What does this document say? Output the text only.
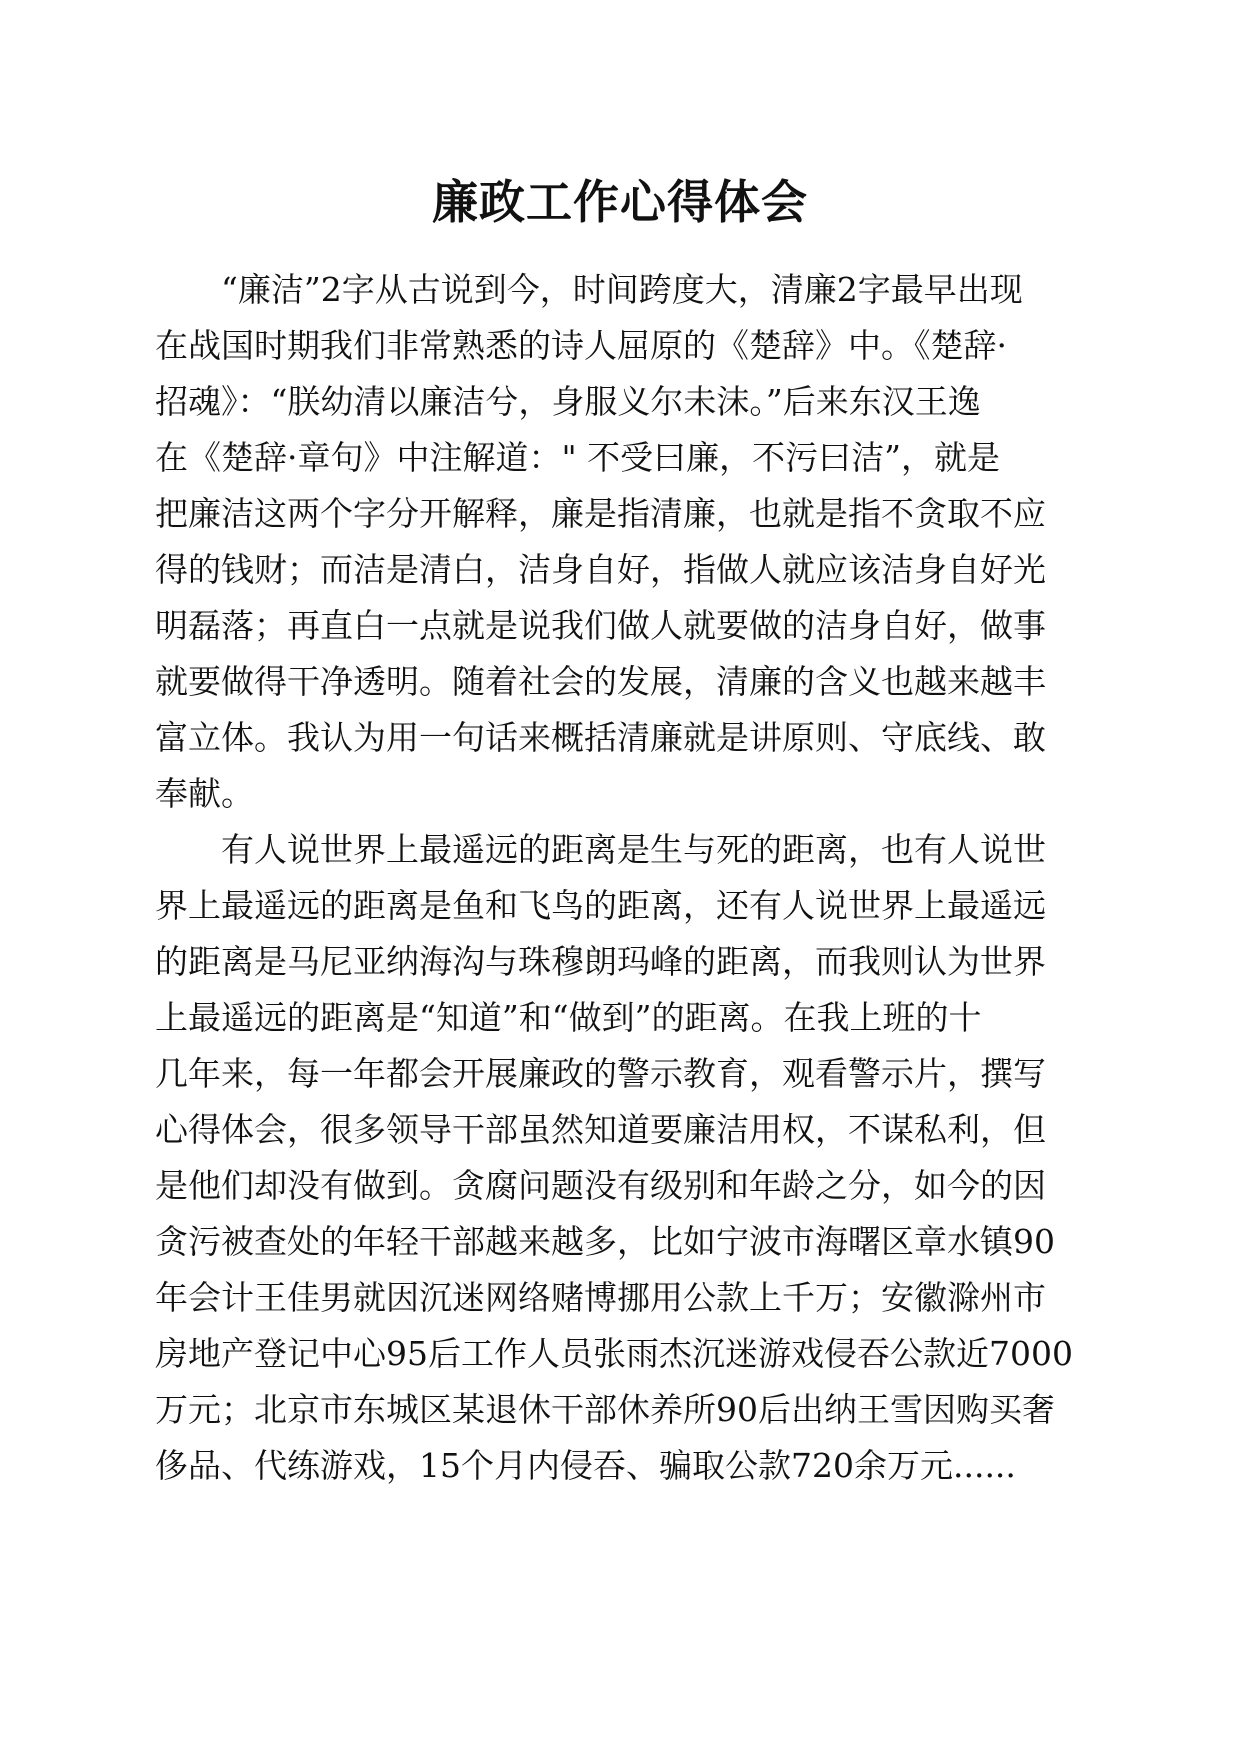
廉政工作心得体会
“廉洁”2字从古说到今，时间跨度大，清廉2字最早出现
在战国时期我们非常熟悉的诗人屈原的《楚辞》中。《楚辞·
招魂》：“朕幼清以廉洁兮，身服义尔未沫。”后来东汉王逸
在《楚辞·章句》中注解道：" 不受曰廉，不污曰洁”，就是
把廉洁这两个字分开解释，廉是指清廉，也就是指不贪取不应
得的钱财；而洁是清白，洁身自好，指做人就应该洁身自好光
明磊落；再直白一点就是说我们做人就要做的洁身自好，做事
就要做得干净透明。随着社会的发展，清廉的含义也越来越丰
富立体。我认为用一句话来概括清廉就是讲原则、守底线、敢
奉献。
有人说世界上最遥远的距离是生与死的距离，也有人说世
界上最遥远的距离是鱼和飞鸟的距离，还有人说世界上最遥远
的距离是马尼亚纳海沟与珠穆朗玛峰的距离，而我则认为世界
上最遥远的距离是“知道”和“做到”的距离。在我上班的十
几年来，每一年都会开展廉政的警示教育，观看警示片，撰写
心得体会，很多领导干部虽然知道要廉洁用权，不谋私利，但
是他们却没有做到。贪腐问题没有级别和年龄之分，如今的因
贪污被查处的年轻干部越来越多，比如宁波市海曙区章水镇90
年会计王佳男就因沉迷网络赌博挪用公款上千万；安徽滁州市
房地产登记中心95后工作人员张雨杰沉迷游戏侵吞公款近7000
万元；北京市东城区某退休干部休养所90后出纳王雪因购买奢
侈品、代练游戏，15个月内侵吞、骗取公款720余万元......
